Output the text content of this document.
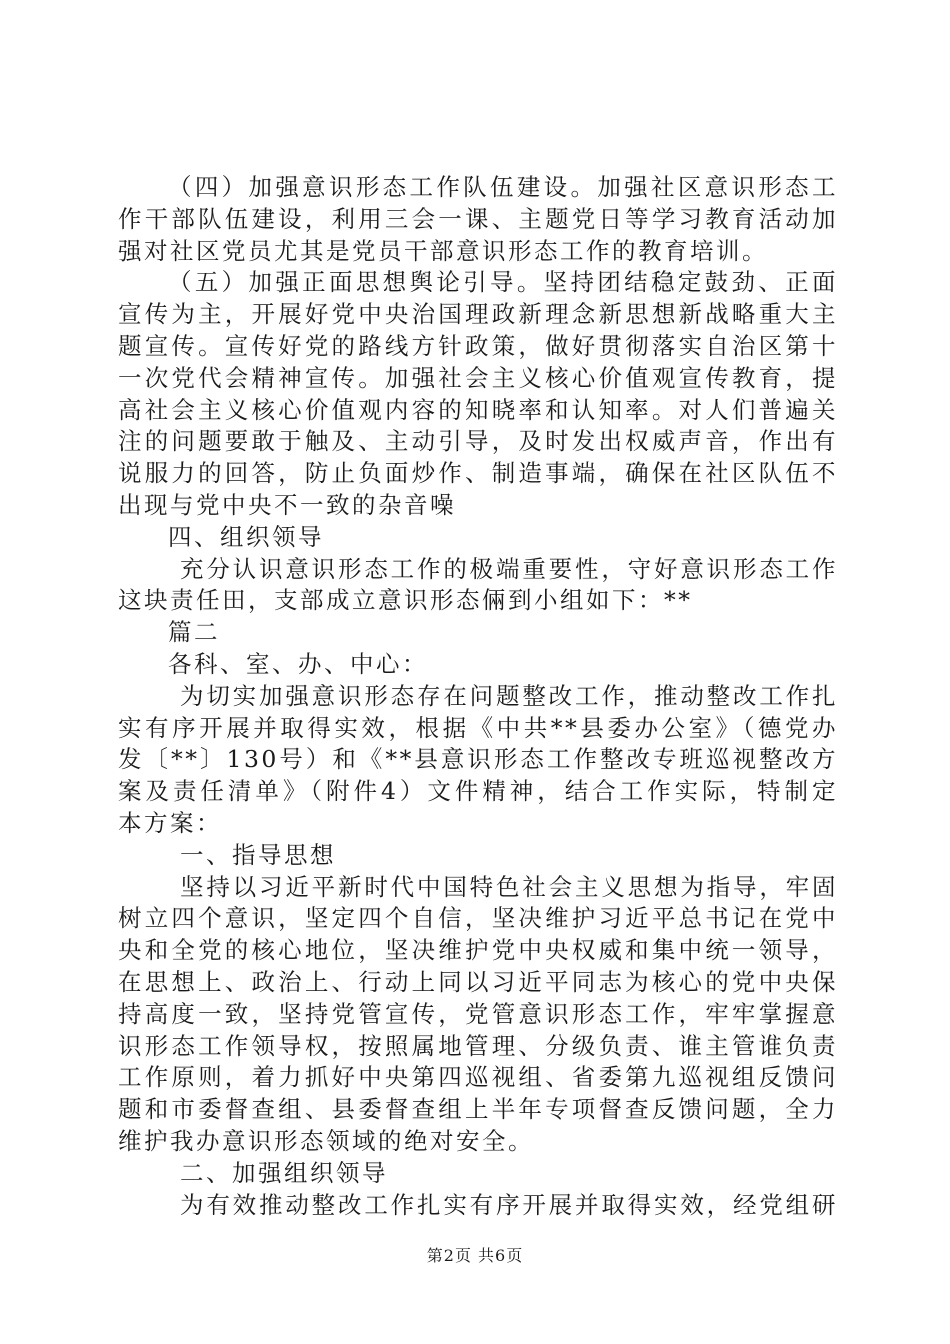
（四）加强意识形态工作队伍建设。加强社区意识形态工
作干部队伍建设，利用三会一课、主题党日等学习教育活动加
强对社区党员尤其是党员干部意识形态工作的教育培训。
（五）加强正面思想舆论引导。坚持团结稳定鼓劲、正面
宣传为主，开展好党中央治国理政新理念新思想新战略重大主
题宣传。宣传好党的路线方针政策，做好贯彻落实自治区第十
一次党代会精神宣传。加强社会主义核心价值观宣传教育，提
高社会主义核心价值观内容的知晓率和认知率。对人们普遍关
注的问题要敢于触及、主动引导，及时发出权威声音，作出有
说服力的回答，防止负面炒作、制造事端，确保在社区队伍不
出现与党中央不一致的杂音噪
四、组织领导
充分认识意识形态工作的极端重要性，守好意识形态工作
这块责任田，支部成立意识形态倆到小组如下：**
篇二
各科、室、办、中心：
为切实加强意识形态存在问题整改工作，推动整改工作扎
实有序开展并取得实效，根据《中共**县委办公室》（德党办
发〔**〕130号）和《**县意识形态工作整改专班巡视整改方
案及责任清单》（附件4）文件精神，结合工作实际，特制定
本方案：
一、指导思想
坚持以习近平新时代中国特色社会主义思想为指导，牢固
树立四个意识，坚定四个自信，坚决维护习近平总书记在党中
央和全党的核心地位，坚决维护党中央权威和集中统一领导，
在思想上、政治上、行动上同以习近平同志为核心的党中央保
持高度一致，坚持党管宣传，党管意识形态工作，牢牢掌握意
识形态工作领导权，按照属地管理、分级负责、谁主管谁负责
工作原则，着力抓好中央第四巡视组、省委第九巡视组反馈问
题和市委督查组、县委督查组上半年专项督查反馈问题，全力
维护我办意识形态领域的绝对安全。
二、加强组织领导
为有效推动整改工作扎实有序开展并取得实效，经党组研
第2页 共6页
